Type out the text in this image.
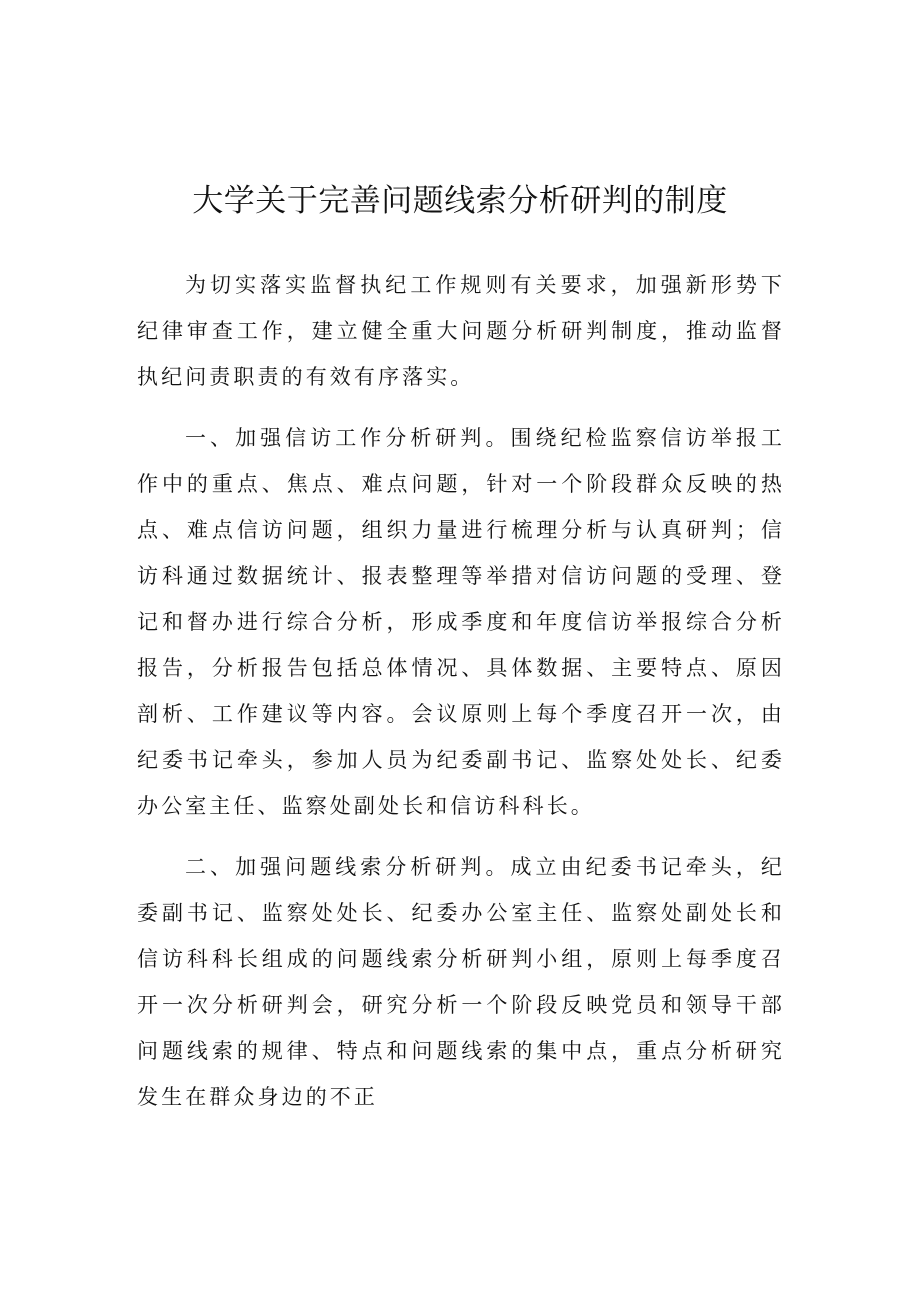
大学关于完善问题线索分析研判的制度

为切实落实监督执纪工作规则有关要求，加强新形势下纪律审查工作，建立健全重大问题分析研判制度，推动监督执纪问责职责的有效有序落实。

一、加强信访工作分析研判。围绕纪检监察信访举报工作中的重点、焦点、难点问题，针对一个阶段群众反映的热点、难点信访问题，组织力量进行梳理分析与认真研判；信访科通过数据统计、报表整理等举措对信访问题的受理、登记和督办进行综合分析，形成季度和年度信访举报综合分析报告，分析报告包括总体情况、具体数据、主要特点、原因剖析、工作建议等内容。会议原则上每个季度召开一次，由纪委书记牵头，参加人员为纪委副书记、监察处处长、纪委办公室主任、监察处副处长和信访科科长。

二、加强问题线索分析研判。成立由纪委书记牵头，纪委副书记、监察处处长、纪委办公室主任、监察处副处长和信访科科长组成的问题线索分析研判小组，原则上每季度召开一次分析研判会，研究分析一个阶段反映党员和领导干部问题线索的规律、特点和问题线索的集中点，重点分析研究发生在群众身边的不正
